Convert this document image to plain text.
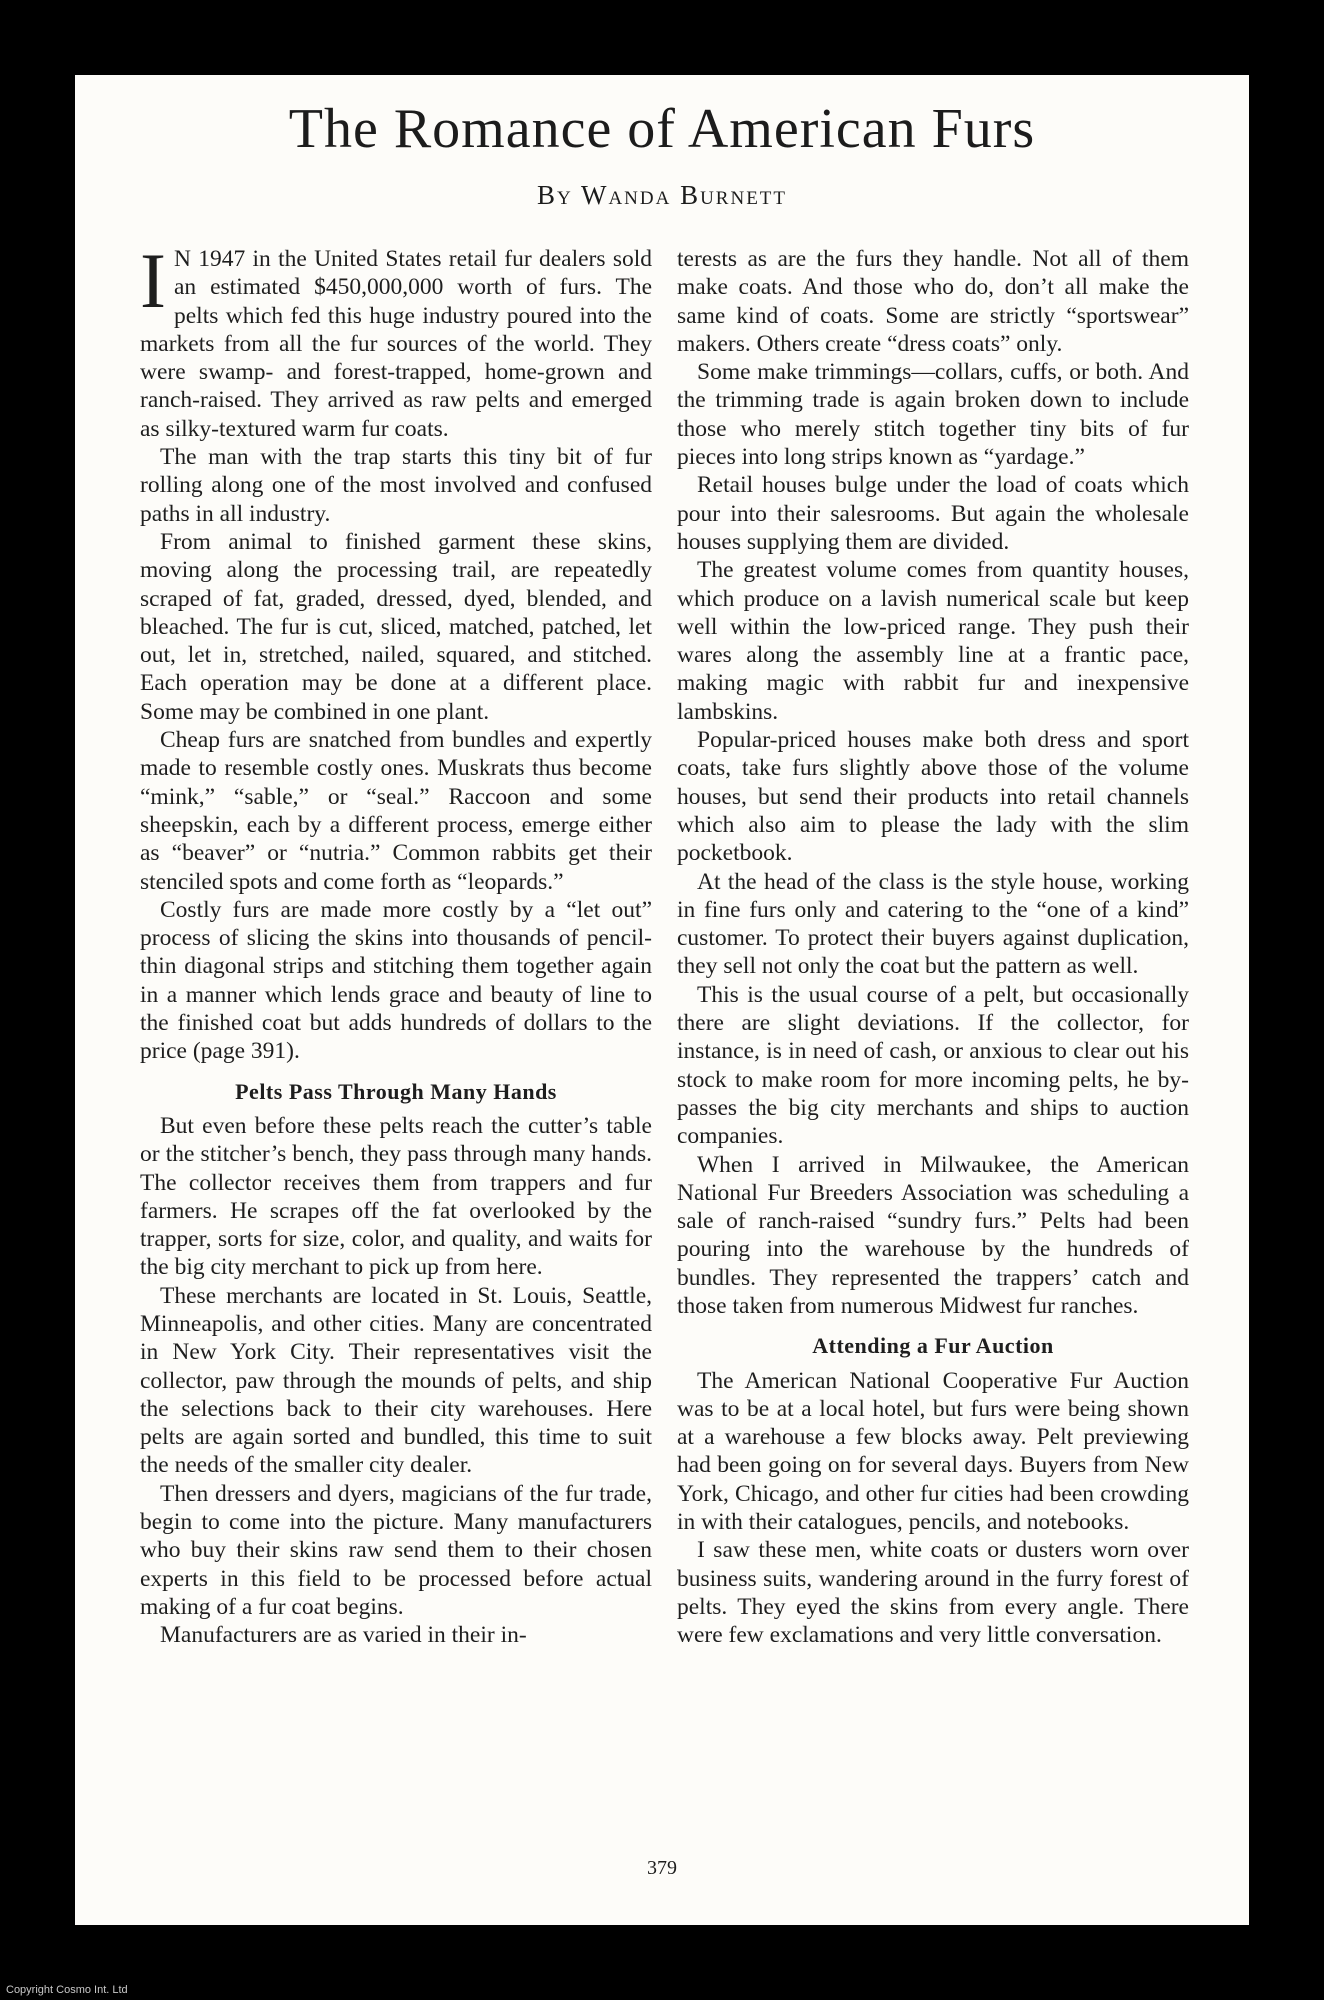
The Romance of American Furs
By Wanda Burnett

I N 1947 in the United States retail fur dealers sold an estimated $450,000,000 worth of furs. The pelts which fed this huge industry poured into the markets from all the fur sources of the world. They were swamp- and forest-trapped, home-grown and ranch-raised. They arrived as raw pelts and emerged as silky-textured warm fur coats.

The man with the trap starts this tiny bit of fur rolling along one of the most involved and confused paths in all industry.

From animal to finished garment these skins, moving along the processing trail, are repeatedly scraped of fat, graded, dressed, dyed, blended, and bleached. The fur is cut, sliced, matched, patched, let out, let in, stretched, nailed, squared, and stitched. Each operation may be done at a different place. Some may be combined in one plant.

Cheap furs are snatched from bundles and expertly made to resemble costly ones. Muskrats thus become “mink,” “sable,” or “seal.” Raccoon and some sheepskin, each by a different process, emerge either as “beaver” or “nutria.” Common rabbits get their stenciled spots and come forth as “leopards.”

Costly furs are made more costly by a “let out” process of slicing the skins into thousands of pencil-thin diagonal strips and stitching them together again in a manner which lends grace and beauty of line to the finished coat but adds hundreds of dollars to the price (page 391).

Pelts Pass Through Many Hands

But even before these pelts reach the cutter’s table or the stitcher’s bench, they pass through many hands. The collector receives them from trappers and fur farmers. He scrapes off the fat overlooked by the trapper, sorts for size, color, and quality, and waits for the big city merchant to pick up from here.

These merchants are located in St. Louis, Seattle, Minneapolis, and other cities. Many are concentrated in New York City. Their representatives visit the collector, paw through the mounds of pelts, and ship the selections back to their city warehouses. Here pelts are again sorted and bundled, this time to suit the needs of the smaller city dealer.

Then dressers and dyers, magicians of the fur trade, begin to come into the picture. Many manufacturers who buy their skins raw send them to their chosen experts in this field to be processed before actual making of a fur coat begins.

Manufacturers are as varied in their in-

terests as are the furs they handle. Not all of them make coats. And those who do, don’t all make the same kind of coats. Some are strictly “sportswear” makers. Others create “dress coats” only.

Some make trimmings—collars, cuffs, or both. And the trimming trade is again broken down to include those who merely stitch together tiny bits of fur pieces into long strips known as “yardage.”

Retail houses bulge under the load of coats which pour into their salesrooms. But again the wholesale houses supplying them are divided.

The greatest volume comes from quantity houses, which produce on a lavish numerical scale but keep well within the low-priced range. They push their wares along the assembly line at a frantic pace, making magic with rabbit fur and inexpensive lambskins.

Popular-priced houses make both dress and sport coats, take furs slightly above those of the volume houses, but send their products into retail channels which also aim to please the lady with the slim pocketbook.

At the head of the class is the style house, working in fine furs only and catering to the “one of a kind” customer. To protect their buyers against duplication, they sell not only the coat but the pattern as well.

This is the usual course of a pelt, but occasionally there are slight deviations. If the collector, for instance, is in need of cash, or anxious to clear out his stock to make room for more incoming pelts, he by-passes the big city merchants and ships to auction companies.

When I arrived in Milwaukee, the American National Fur Breeders Association was scheduling a sale of ranch-raised “sundry furs.” Pelts had been pouring into the warehouse by the hundreds of bundles. They represented the trappers’ catch and those taken from numerous Midwest fur ranches.

Attending a Fur Auction

The American National Cooperative Fur Auction was to be at a local hotel, but furs were being shown at a warehouse a few blocks away. Pelt previewing had been going on for several days. Buyers from New York, Chicago, and other fur cities had been crowding in with their catalogues, pencils, and notebooks.

I saw these men, white coats or dusters worn over business suits, wandering around in the furry forest of pelts. They eyed the skins from every angle. There were few exclamations and very little conversation.

379
Copyright Cosmo Int. Ltd
